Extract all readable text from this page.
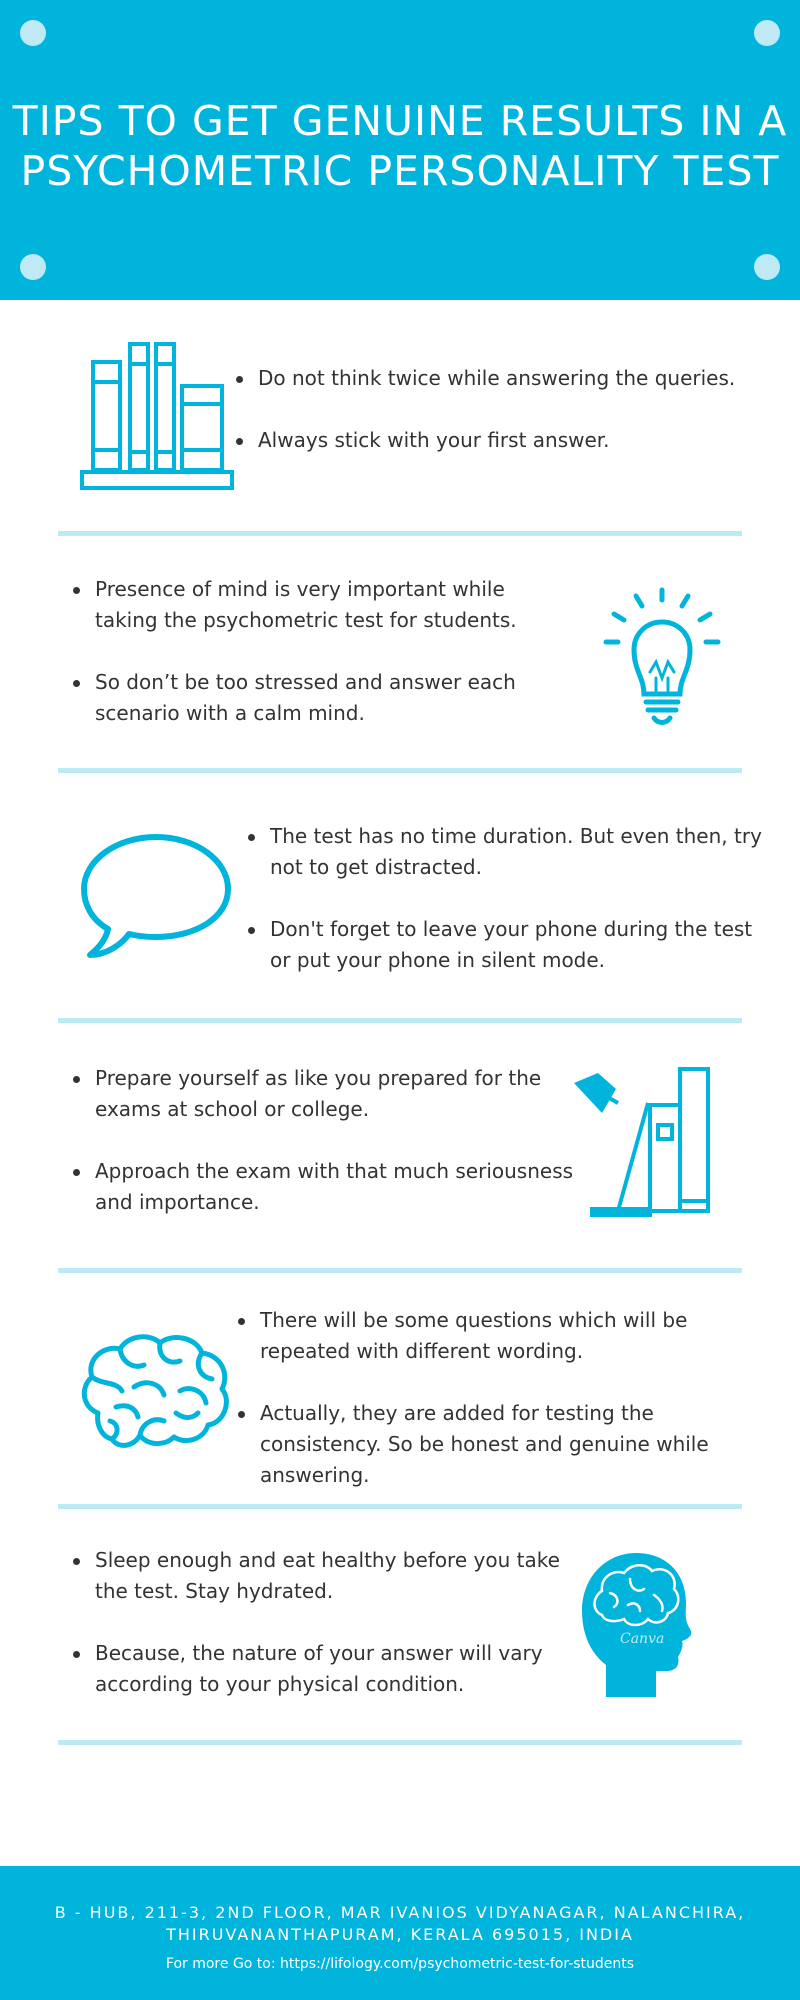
TIPS TO GET GENUINE RESULTS IN A
PSYCHOMETRIC PERSONALITY TEST
Do not think twice while answering the queries.
Always stick with your first answer.
Presence of mind is very important while taking the psychometric test for students.
So don’t be too stressed and answer each scenario with a calm mind.
The test has no time duration. But even then, try not to get distracted.
Don't forget to leave your phone during the test or put your phone in silent mode.
Prepare yourself as like you prepared for the exams at school or college.
Approach the exam with that much seriousness and importance.
There will be some questions which will be repeated with different wording.
Actually, they are added for testing the consistency. So be honest and genuine while answering.
Sleep enough and eat healthy before you take the test. Stay hydrated.
Because, the nature of your answer will vary according to your physical condition.
Canva
B - HUB, 211-3, 2ND FLOOR, MAR IVANIOS VIDYANAGAR, NALANCHIRA,
THIRUVANANTHAPURAM, KERALA 695015, INDIA
For more Go to: https://lifology.com/psychometric-test-for-students
